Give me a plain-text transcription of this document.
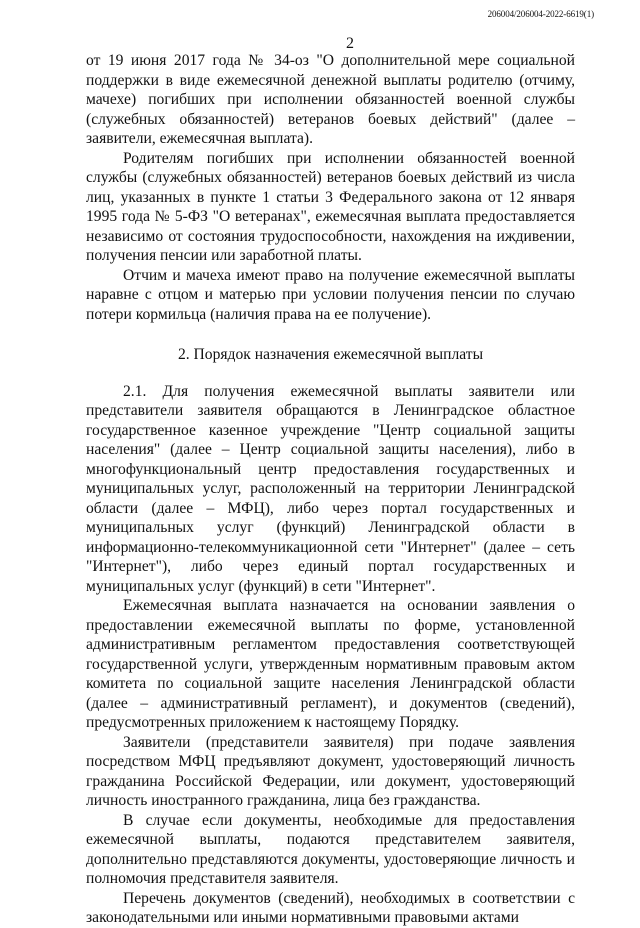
206004/206004-2022-6619(1)
2

от 19 июня 2017 года № 34-оз "О дополнительной мере социальной поддержки в виде ежемесячной денежной выплаты родителю (отчиму, мачехе) погибших при исполнении обязанностей военной службы (служебных обязанностей) ветеранов боевых действий" (далее – заявители, ежемесячная выплата).

Родителям погибших при исполнении обязанностей военной службы (служебных обязанностей) ветеранов боевых действий из числа лиц, указанных в пункте 1 статьи 3 Федерального закона от 12 января 1995 года № 5-ФЗ "О ветеранах", ежемесячная выплата предоставляется независимо от состояния трудоспособности, нахождения на иждивении, получения пенсии или заработной платы.

Отчим и мачеха имеют право на получение ежемесячной выплаты наравне с отцом и матерью при условии получения пенсии по случаю потери кормильца (наличия права на ее получение).

2. Порядок назначения ежемесячной выплаты

2.1. Для получения ежемесячной выплаты заявители или представители заявителя обращаются в Ленинградское областное государственное казенное учреждение "Центр социальной защиты населения" (далее – Центр социальной защиты населения), либо в многофункциональный центр предоставления государственных и муниципальных услуг, расположенный на территории Ленинградской области (далее – МФЦ), либо через портал государственных и муниципальных услуг (функций) Ленинградской области в информационно-телекоммуникационной сети "Интернет" (далее – сеть "Интернет"), либо через единый портал государственных и муниципальных услуг (функций) в сети "Интернет".

Ежемесячная выплата назначается на основании заявления о предоставлении ежемесячной выплаты по форме, установленной административным регламентом предоставления соответствующей государственной услуги, утвержденным нормативным правовым актом комитета по социальной защите населения Ленинградской области (далее – административный регламент), и документов (сведений), предусмотренных приложением к настоящему Порядку.

Заявители (представители заявителя) при подаче заявления посредством МФЦ предъявляют документ, удостоверяющий личность гражданина Российской Федерации, или документ, удостоверяющий личность иностранного гражданина, лица без гражданства.

В случае если документы, необходимые для предоставления ежемесячной выплаты, подаются представителем заявителя, дополнительно представляются документы, удостоверяющие личность и полномочия представителя заявителя.

Перечень документов (сведений), необходимых в соответствии с законодательными или иными нормативными правовыми актами
